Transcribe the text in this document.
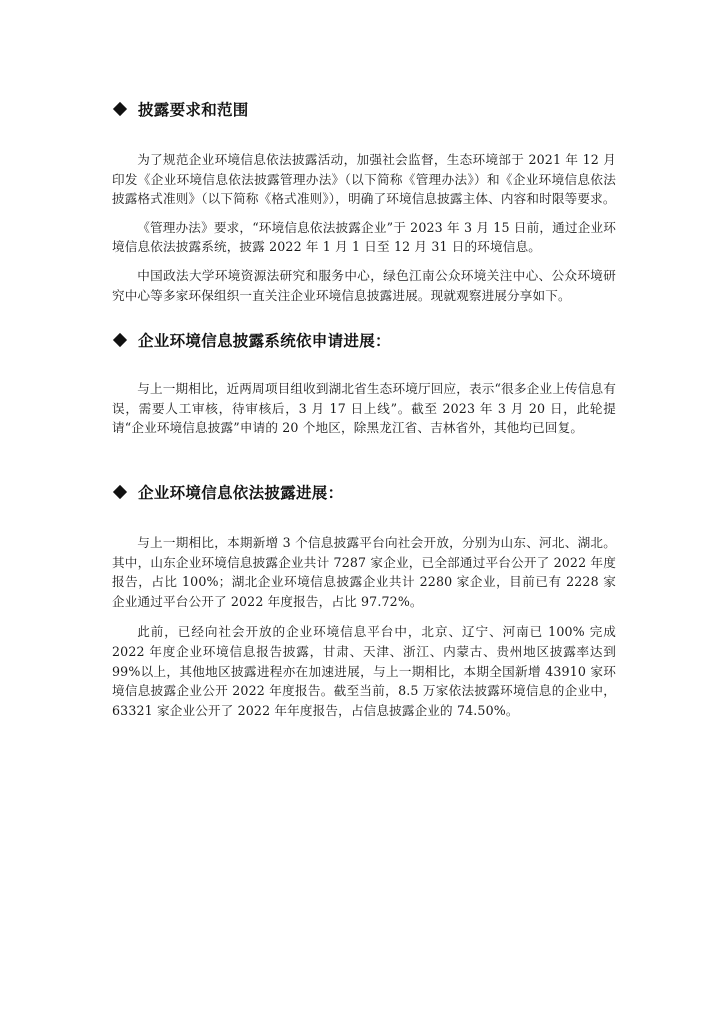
披露要求和范围

为了规范企业环境信息依法披露活动，加强社会监督，生态环境部于 2021 年 12 月印发《企业环境信息依法披露管理办法》（以下简称《管理办法》）和《企业环境信息依法披露格式准则》（以下简称《格式准则》），明确了环境信息披露主体、内容和时限等要求。

《管理办法》要求，“环境信息依法披露企业”于 2023 年 3 月 15 日前，通过企业环境信息依法披露系统，披露 2022 年 1 月 1 日至 12 月 31 日的环境信息。

中国政法大学环境资源法研究和服务中心，绿色江南公众环境关注中心、公众环境研究中心等多家环保组织一直关注企业环境信息披露进展。现就观察进展分享如下。

企业环境信息披露系统依申请进展：

与上一期相比，近两周项目组收到湖北省生态环境厅回应，表示“很多企业上传信息有误，需要人工审核，待审核后，3 月 17 日上线”。截至 2023 年 3 月 20 日，此轮提请“企业环境信息披露”申请的 20 个地区，除黑龙江省、吉林省外，其他均已回复。

企业环境信息依法披露进展：

与上一期相比，本期新增 3 个信息披露平台向社会开放，分别为山东、河北、湖北。其中，山东企业环境信息披露企业共计 7287 家企业，已全部通过平台公开了 2022 年度报告，占比 100%；湖北企业环境信息披露企业共计 2280 家企业，目前已有 2228 家企业通过平台公开了 2022 年度报告，占比 97.72%。

此前，已经向社会开放的企业环境信息平台中，北京、辽宁、河南已 100% 完成 2022 年度企业环境信息报告披露，甘肃、天津、浙江、内蒙古、贵州地区披露率达到 99%以上，其他地区披露进程亦在加速进展，与上一期相比，本期全国新增 43910 家环境信息披露企业公开 2022 年度报告。截至当前，8.5 万家依法披露环境信息的企业中，63321 家企业公开了 2022 年年度报告，占信息披露企业的 74.50%。
